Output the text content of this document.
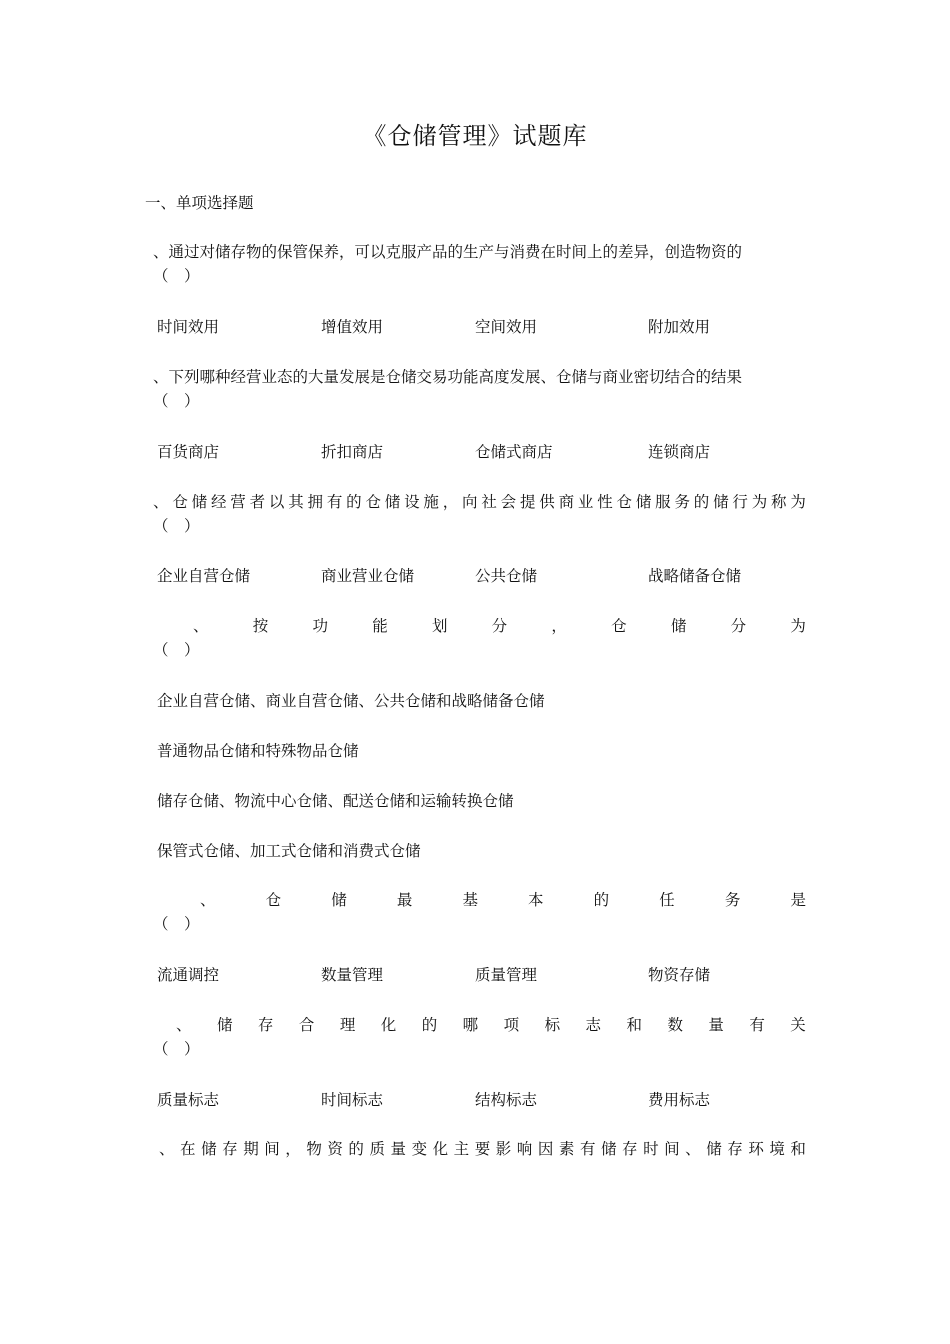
《仓储管理》试题库
一、单项选择题
、通过对储存物的保管保养，可以克服产品的生产与消费在时间上的差异，创造物资的
（　）
时间效用	增值效用	空间效用	附加效用
、下列哪种经营业态的大量发展是仓储交易功能高度发展、仓储与商业密切结合的结果
（　）
百货商店	折扣商店	仓储式商店	连锁商店
、 仓 储 经 营 者 以 其 拥 有 的 仓 储 设 施 ， 向 社 会 提 供 商 业 性 仓 储 服 务 的 储 行 为 称 为
（　）
企业自营仓储	商业营业仓储	公共仓储	战略储备仓储
、	按	功	能	划	分	，	仓	储	分	为
（　）
企业自营仓储、商业自营仓储、公共仓储和战略储备仓储
普通物品仓储和特殊物品仓储
储存仓储、物流中心仓储、配送仓储和运输转换仓储
保管式仓储、加工式仓储和消费式仓储
、	仓	储	最	基	本	的	任	务	是
（　）
流通调控	数量管理	质量管理	物资存储
、 储 存 合 理 化 的 哪 项 标 志 和 数 量 有 关
（　）
质量标志	时间标志	结构标志	费用标志
、 在 储 存 期 间 ， 物 资 的 质 量 变 化 主 要 影 响 因 素 有 储 存 时 间 、 储 存 环 境 和
